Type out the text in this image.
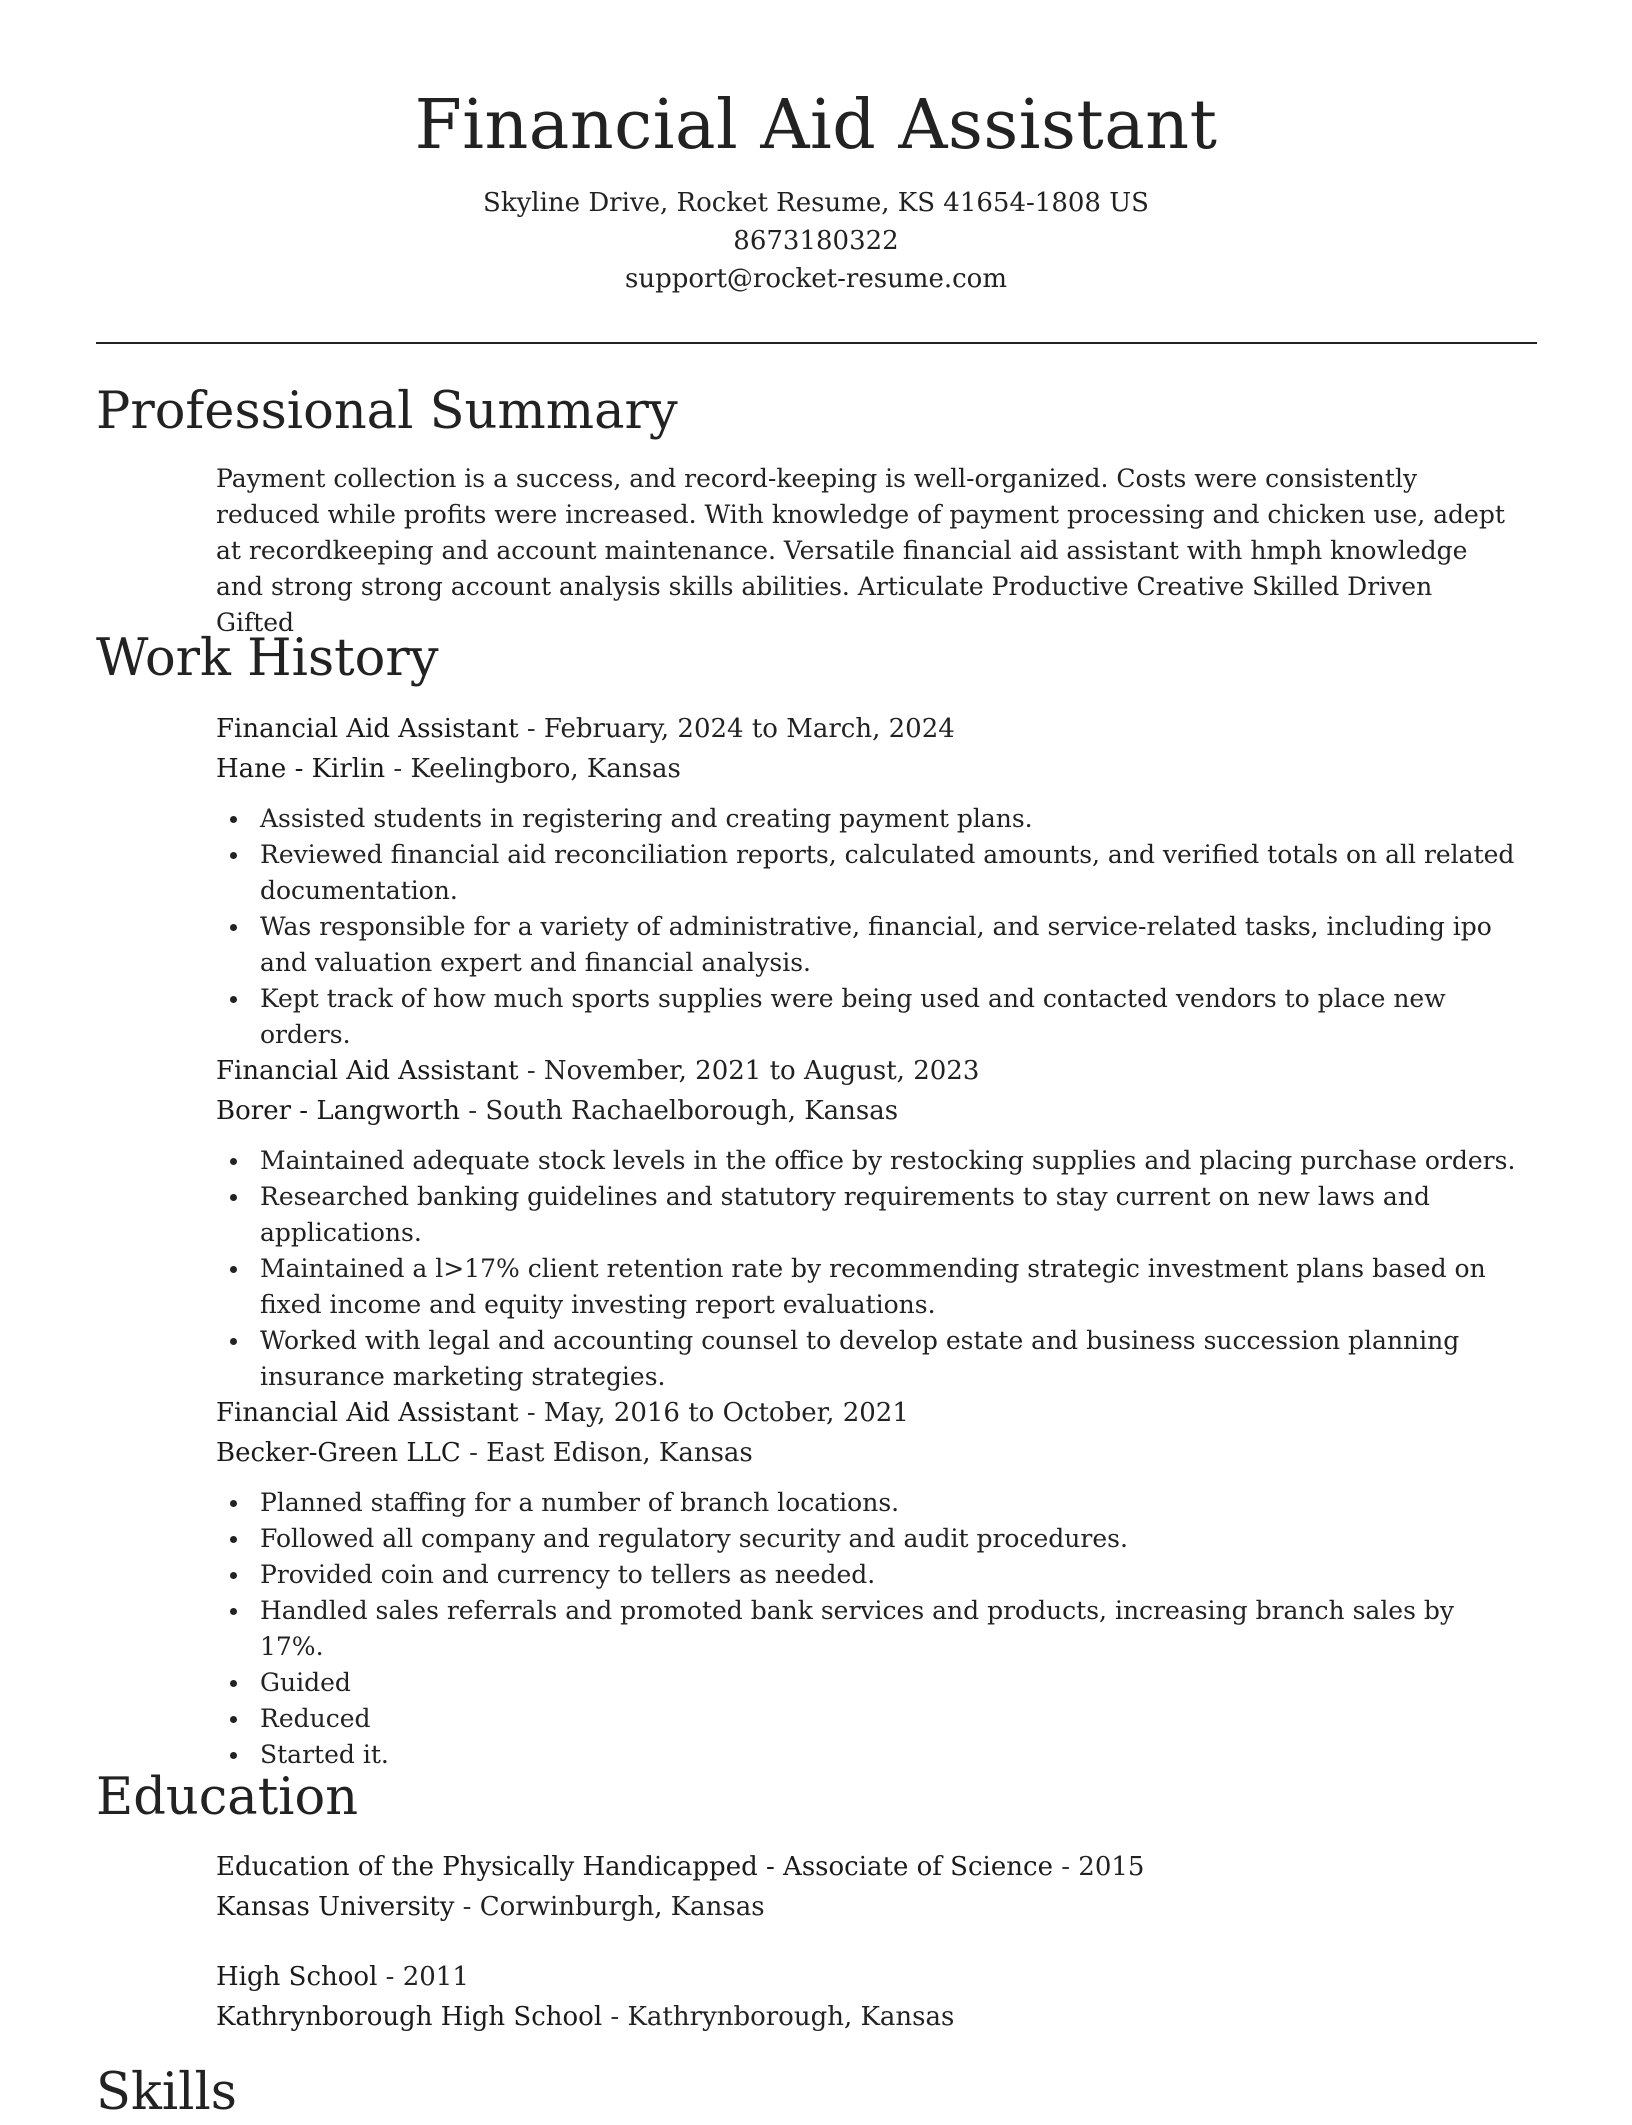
Financial Aid Assistant
Skyline Drive, Rocket Resume, KS 41654-1808 US
8673180322
support@rocket-resume.com
Professional Summary

Payment collection is a success, and record-keeping is well-organized. Costs were consistently reduced while profits were increased. With knowledge of payment processing and chicken use, adept at recordkeeping and account maintenance. Versatile financial aid assistant with hmph knowledge and strong strong account analysis skills abilities. Articulate Productive Creative Skilled Driven Gifted

Work History
Financial Aid Assistant - February, 2024 to March, 2024
Hane - Kirlin - Keelingboro, Kansas
Assisted students in registering and creating payment plans.
Reviewed financial aid reconciliation reports, calculated amounts, and verified totals on all related documentation.
Was responsible for a variety of administrative, financial, and service-related tasks, including ipo and valuation expert and financial analysis.
Kept track of how much sports supplies were being used and contacted vendors to place new orders.
Financial Aid Assistant - November, 2021 to August, 2023
Borer - Langworth - South Rachaelborough, Kansas
Maintained adequate stock levels in the office by restocking supplies and placing purchase orders.
Researched banking guidelines and statutory requirements to stay current on new laws and applications.
Maintained a l>17% client retention rate by recommending strategic investment plans based on fixed income and equity investing report evaluations.
Worked with legal and accounting counsel to develop estate and business succession planning insurance marketing strategies.
Financial Aid Assistant - May, 2016 to October, 2021
Becker-Green LLC - East Edison, Kansas
Planned staffing for a number of branch locations.
Followed all company and regulatory security and audit procedures.
Provided coin and currency to tellers as needed.
Handled sales referrals and promoted bank services and products, increasing branch sales by 17%.
Guided
Reduced
Started it.
Education
Education of the Physically Handicapped - Associate of Science - 2015
Kansas University - Corwinburgh, Kansas
High School - 2011
Kathrynborough High School - Kathrynborough, Kansas
Skills
